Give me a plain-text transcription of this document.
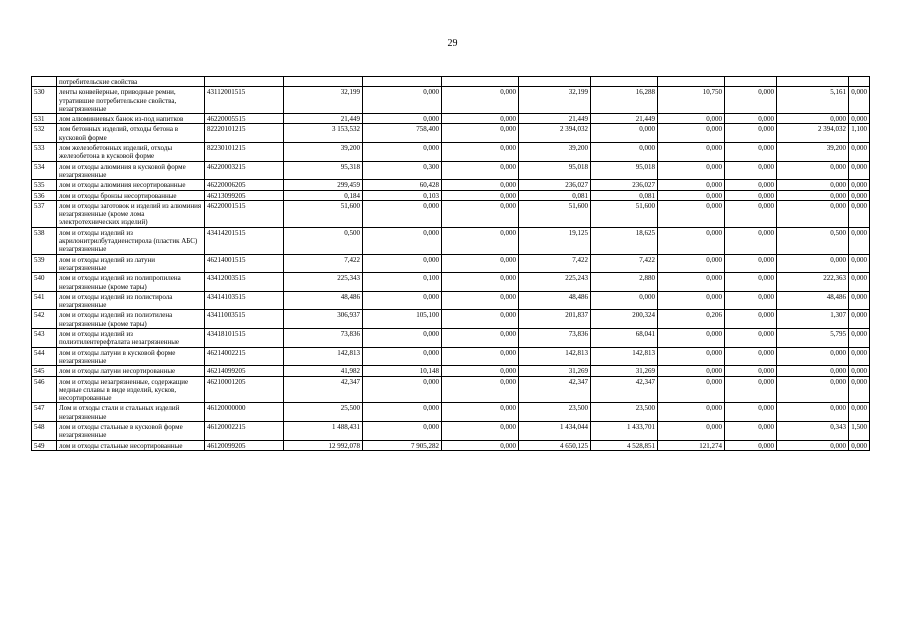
29
	потребительские свойства										
530	ленты конвейерные, приводные ремни, утратившие потребительские свойства, незагрязненные	43112001515	32,199	0,000	0,000	32,199	16,288	10,750	0,000	5,161	0,000
531	лом алюминиевых банок из-под напитков	46220005515	21,449	0,000	0,000	21,449	21,449	0,000	0,000	0,000	0,000
532	лом бетонных изделий, отходы бетона в кусковой форме	82220101215	3 153,532	758,400	0,000	2 394,032	0,000	0,000	0,000	2 394,032	1,100
533	лом железобетонных изделий, отходы железобетона в кусковой форме	82230101215	39,200	0,000	0,000	39,200	0,000	0,000	0,000	39,200	0,000
534	лом и отходы алюминия в кусковой форме незагрязненные	46220003215	95,318	0,300	0,000	95,018	95,018	0,000	0,000	0,000	0,000
535	лом и отходы алюминия несортированные	46220006205	299,459	60,428	0,000	236,027	236,027	0,000	0,000	0,000	0,000
536	лом и отходы бронзы несортированные	46213099205	0,184	0,103	0,000	0,081	0,081	0,000	0,000	0,000	0,000
537	лом и отходы заготовок и изделий из алюминия незагрязненные (кроме лома электротехнических изделий)	46220001515	51,600	0,000	0,000	51,600	51,600	0,000	0,000	0,000	0,000
538	лом и отходы изделий из акрилонитрилбутадиенстирола (пластик АБС) незагрязненные	43414201515	0,500	0,000	0,000	19,125	18,625	0,000	0,000	0,500	0,000
539	лом и отходы изделий из латуни незагрязненные	46214001515	7,422	0,000	0,000	7,422	7,422	0,000	0,000	0,000	0,000
540	лом и отходы изделий из полипропилена незагрязненные (кроме тары)	43412003515	225,343	0,100	0,000	225,243	2,880	0,000	0,000	222,363	0,000
541	лом и отходы изделий из полистирола незагрязненные	43414103515	48,486	0,000	0,000	48,486	0,000	0,000	0,000	48,486	0,000
542	лом и отходы изделий из полиэтилена незагрязненные (кроме тары)	43411003515	306,937	105,100	0,000	201,837	200,324	0,206	0,000	1,307	0,000
543	лом и отходы изделий из полиэтилентерефталата незагрязненные	43418101515	73,836	0,000	0,000	73,836	68,041	0,000	0,000	5,795	0,000
544	лом и отходы латуни в кусковой форме незагрязненные	46214002215	142,813	0,000	0,000	142,813	142,813	0,000	0,000	0,000	0,000
545	лом и отходы латуни несортированные	46214099205	41,982	10,148	0,000	31,269	31,269	0,000	0,000	0,000	0,000
546	лом и отходы незагрязненные, содержащие медные сплавы в виде изделий, кусков, несортированные	46210001205	42,347	0,000	0,000	42,347	42,347	0,000	0,000	0,000	0,000
547	Лом и отходы стали и стальных изделий незагрязненные	46120000000	25,500	0,000	0,000	23,500	23,500	0,000	0,000	0,000	0,000
548	лом и отходы стальные в кусковой форме незагрязненные	46120002215	1 488,431	0,000	0,000	1 434,044	1 433,701	0,000	0,000	0,343	1,500
549	лом и отходы стальные несортированные	46120099205	12 992,078	7 905,282	0,000	4 650,125	4 528,851	121,274	0,000	0,000	0,000
